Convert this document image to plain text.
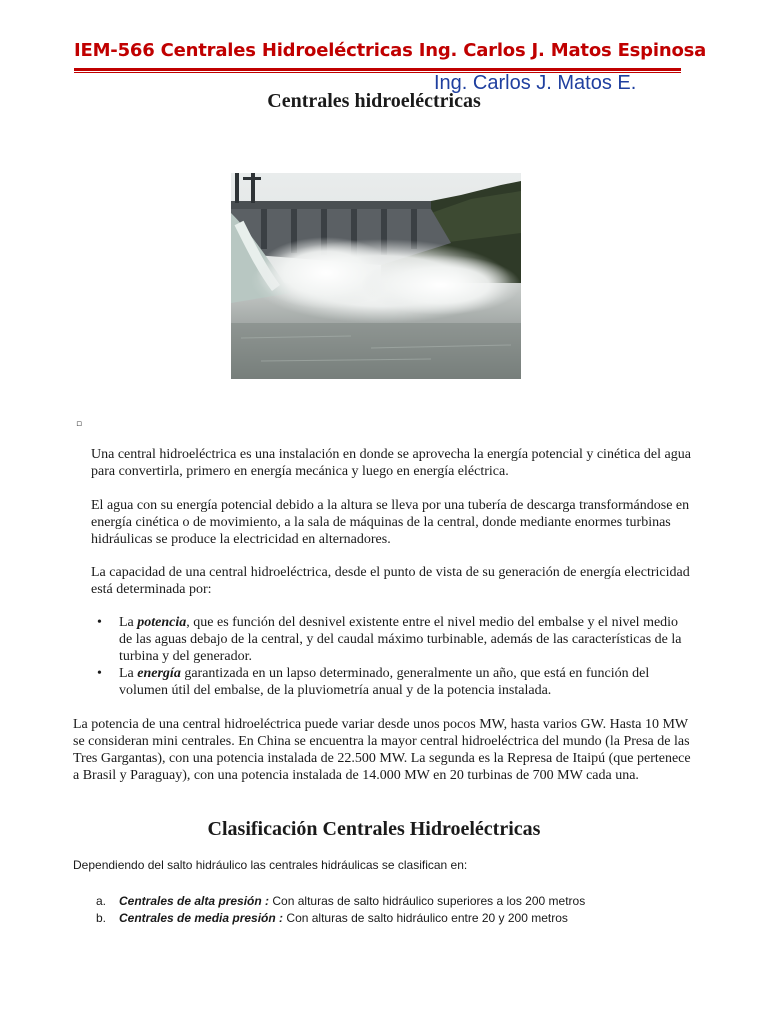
IEM-566 Centrales Hidroeléctricas Ing. Carlos J. Matos Espinosa
Ing. Carlos J. Matos E.
Centrales hidroeléctricas
▫
Una central hidroeléctrica es una instalación en donde se aprovecha la energía potencial y cinética del agua para convertirla, primero en energía mecánica y luego en energía eléctrica.
El agua con su energía potencial debido a la altura se lleva por una tubería de descarga transformándose en energía cinética o de movimiento, a la sala de máquinas de la central, donde mediante enormes turbinas hidráulicas se produce la electricidad en alternadores.
La capacidad de una central hidroeléctrica, desde el punto de vista de su generación de energía electricidad está determinada por:
• La potencia, que es función del desnivel existente entre el nivel medio del embalse y el nivel medio de las aguas debajo de la central, y del caudal máximo turbinable, además de las características de la turbina y del generador.
• La energía garantizada en un lapso determinado, generalmente un año, que está en función del volumen útil del embalse, de la pluviometría anual y de la potencia instalada.
La potencia de una central hidroeléctrica puede variar desde unos pocos MW, hasta varios GW. Hasta 10 MW se consideran mini centrales. En China se encuentra la mayor central hidroeléctrica del mundo (la Presa de las Tres Gargantas), con una potencia instalada de 22.500 MW. La segunda es la Represa de Itaipú (que pertenece a Brasil y Paraguay), con una potencia instalada de 14.000 MW en 20 turbinas de 700 MW cada una.
Clasificación Centrales Hidroeléctricas
Dependiendo del salto hidráulico las centrales hidráulicas se clasifican en:
a. Centrales de alta presión : Con alturas de salto hidráulico superiores a los 200 metros
b. Centrales de media presión : Con alturas de salto hidráulico entre 20 y 200 metros
